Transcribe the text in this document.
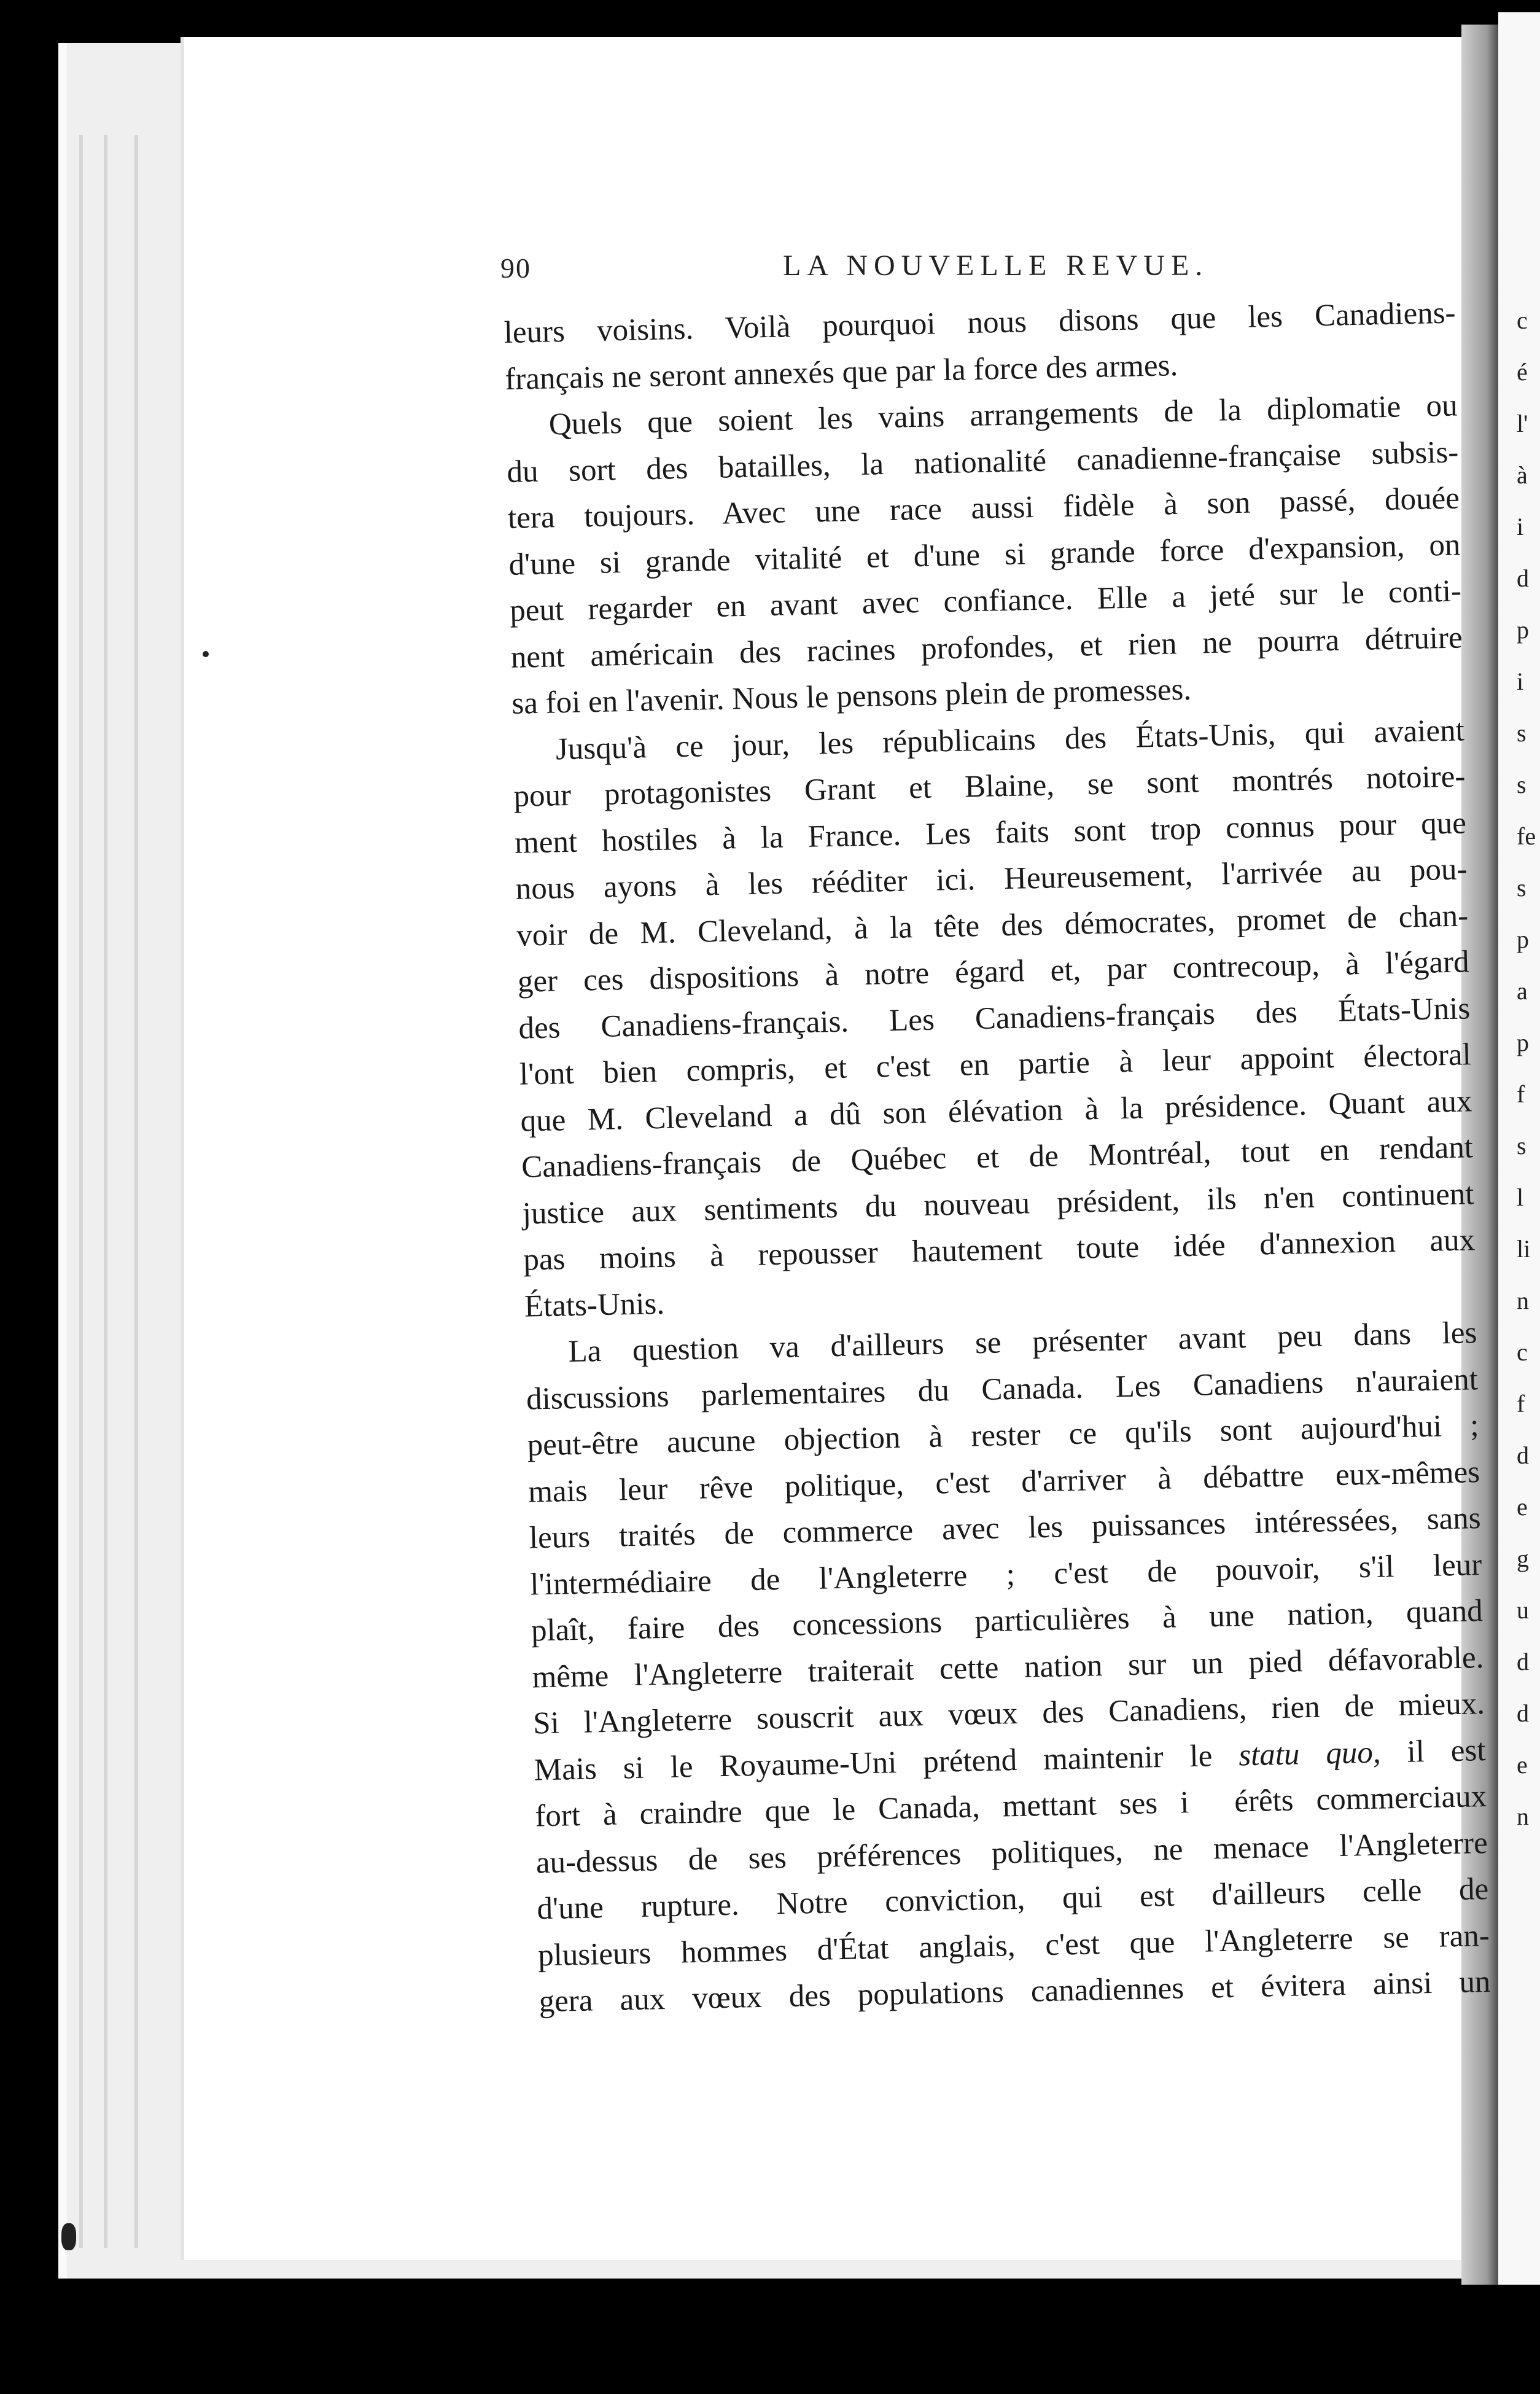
c
é
l'
à
i
d
p
i
s
s
fe
s
p
a
p
f
s
l
li
n
c
f
d
e
g
u
d
d
e
n
90	LA NOUVELLE REVUE.

leurs voisins. Voilà pourquoi nous disons que les Canadiens-

français ne seront annexés que par la force des armes.

Quels que soient les vains arrangements de la diplomatie ou

du sort des batailles, la nationalité canadienne-française subsis-

tera toujours. Avec une race aussi fidèle à son passé, douée

d'une si grande vitalité et d'une si grande force d'expansion, on

peut regarder en avant avec confiance. Elle a jeté sur le conti-

nent américain des racines profondes, et rien ne pourra détruire

sa foi en l'avenir. Nous le pensons plein de promesses.

Jusqu'à ce jour, les républicains des États-Unis, qui avaient

pour protagonistes Grant et Blaine, se sont montrés notoire-

ment hostiles à la France. Les faits sont trop connus pour que

nous ayons à les rééditer ici. Heureusement, l'arrivée au pou-

voir de M. Cleveland, à la tête des démocrates, promet de chan-

ger ces dispositions à notre égard et, par contrecoup, à l'égard

des Canadiens-français. Les Canadiens-français des États-Unis

l'ont bien compris, et c'est en partie à leur appoint électoral

que M. Cleveland a dû son élévation à la présidence. Quant aux

Canadiens-français de Québec et de Montréal, tout en rendant

justice aux sentiments du nouveau président, ils n'en continuent

pas moins à repousser hautement toute idée d'annexion aux

États-Unis.

La question va d'ailleurs se présenter avant peu dans les

discussions parlementaires du Canada. Les Canadiens n'auraient

peut-être aucune objection à rester ce qu'ils sont aujourd'hui ;

mais leur rêve politique, c'est d'arriver à débattre eux-mêmes

leurs traités de commerce avec les puissances intéressées, sans

l'intermédiaire de l'Angleterre ; c'est de pouvoir, s'il leur

plaît, faire des concessions particulières à une nation, quand

même l'Angleterre traiterait cette nation sur un pied défavorable.

Si l'Angleterre souscrit aux vœux des Canadiens, rien de mieux.

Mais si le Royaume-Uni prétend maintenir le statu quo, il est

fort à craindre que le Canada, mettant ses i érêts commerciaux

au-dessus de ses préférences politiques, ne menace l'Angleterre

d'une rupture. Notre conviction, qui est d'ailleurs celle de

plusieurs hommes d'État anglais, c'est que l'Angleterre se ran-

gera aux vœux des populations canadiennes et évitera ainsi un
